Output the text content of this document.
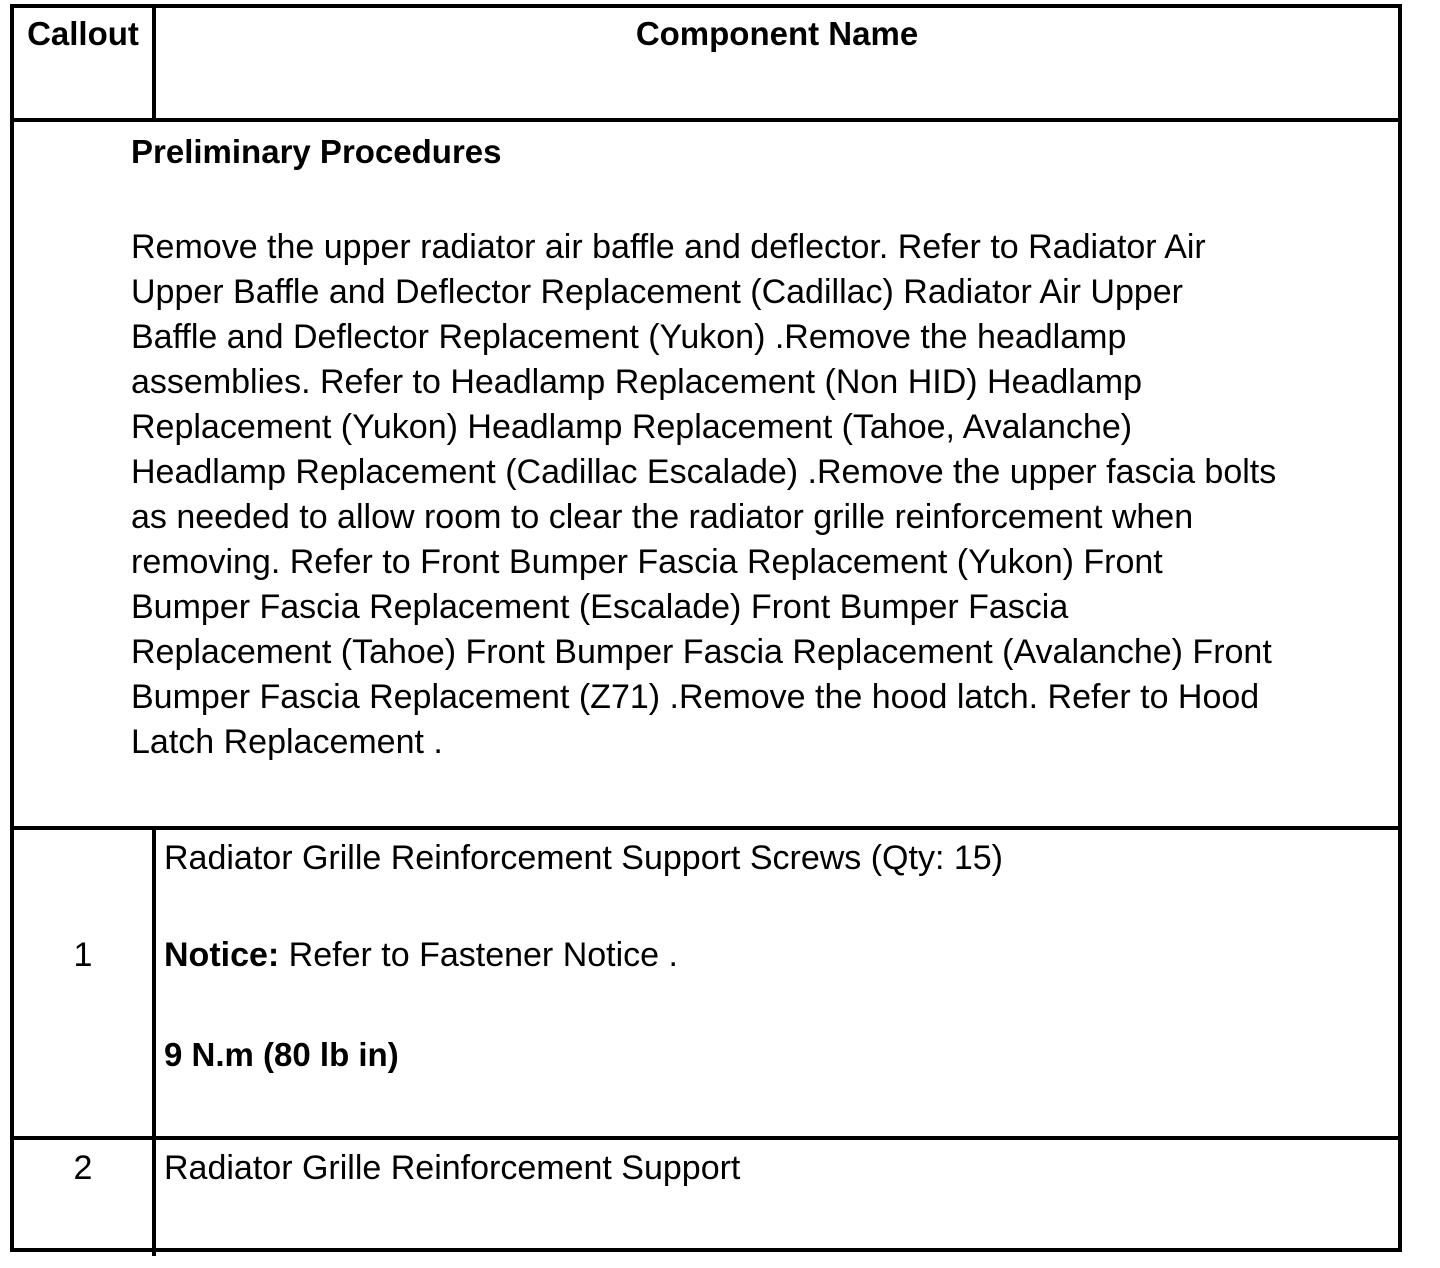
Callout	Component Name
Preliminary Procedures
Remove the upper radiator air baffle and deflector. Refer to Radiator Air
Upper Baffle and Deflector Replacement (Cadillac) Radiator Air Upper
Baffle and Deflector Replacement (Yukon) .Remove the headlamp
assemblies. Refer to Headlamp Replacement (Non HID) Headlamp
Replacement (Yukon) Headlamp Replacement (Tahoe, Avalanche)
Headlamp Replacement (Cadillac Escalade) .Remove the upper fascia bolts
as needed to allow room to clear the radiator grille reinforcement when
removing. Refer to Front Bumper Fascia Replacement (Yukon) Front
Bumper Fascia Replacement (Escalade) Front Bumper Fascia
Replacement (Tahoe) Front Bumper Fascia Replacement (Avalanche) Front
Bumper Fascia Replacement (Z71) .Remove the hood latch. Refer to Hood
Latch Replacement .
1
Radiator Grille Reinforcement Support Screws (Qty: 15)
Notice: Refer to Fastener Notice .
9 N.m (80 lb in)
2	Radiator Grille Reinforcement Support
